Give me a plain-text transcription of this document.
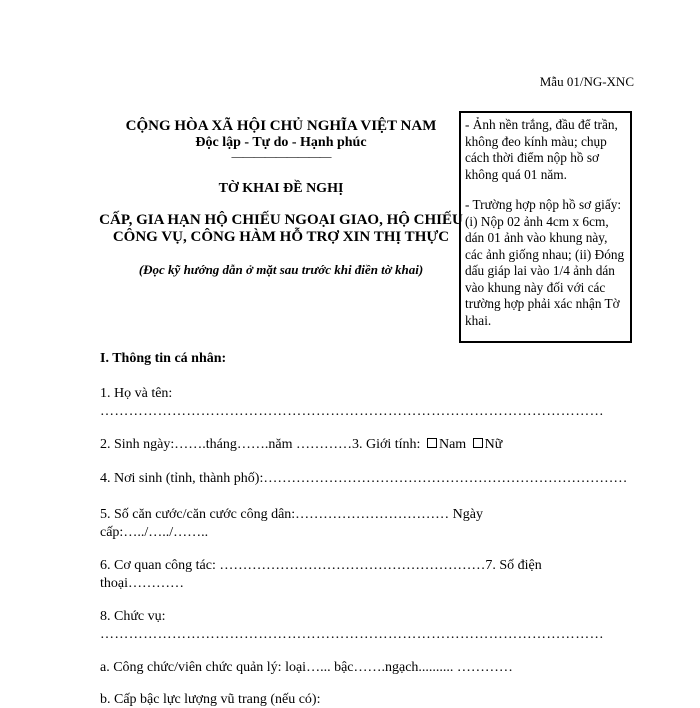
Mẫu 01/NG-XNC
CỘNG HÒA XÃ HỘI CHỦ NGHĨA VIỆT NAM
Độc lập - Tự do - Hạnh phúc
—————————
TỜ KHAI ĐỀ NGHỊ
CẤP, GIA HẠN HỘ CHIẾU NGOẠI GIAO, HỘ CHIẾU CÔNG VỤ, CÔNG HÀM HỖ TRỢ XIN THỊ THỰC
(Đọc kỹ hướng dẫn ở mặt sau trước khi điền tờ khai)

- Ảnh nền trắng, đầu để trần, không đeo kính màu; chụp cách thời điểm nộp hồ sơ không quá 01 năm.

- Trường hợp nộp hồ sơ giấy: (i) Nộp 02 ảnh 4cm x 6cm, dán 01 ảnh vào khung này, các ảnh giống nhau; (ii) Đóng dấu giáp lai vào 1/4 ảnh dán vào khung này đối với các trường hợp phải xác nhận Tờ khai.

I. Thông tin cá nhân:
1. Họ và tên:
……………………………………………………………………………………………
2. Sinh ngày:…….tháng…….năm …………3. Giới tính: Nam Nữ
4. Nơi sinh (tỉnh, thành phố):……………………………………………………………………
5. Số căn cước/căn cước công dân:…………………………… Ngày
cấp:…../…../……..
6. Cơ quan công tác: …………………………………………………7. Số điện
thoại…………
8. Chức vụ:
……………………………………………………………………………………………
a. Công chức/viên chức quản lý: loại…... bậc…….ngạch.......... …………
b. Cấp bậc lực lượng vũ trang (nếu có):
